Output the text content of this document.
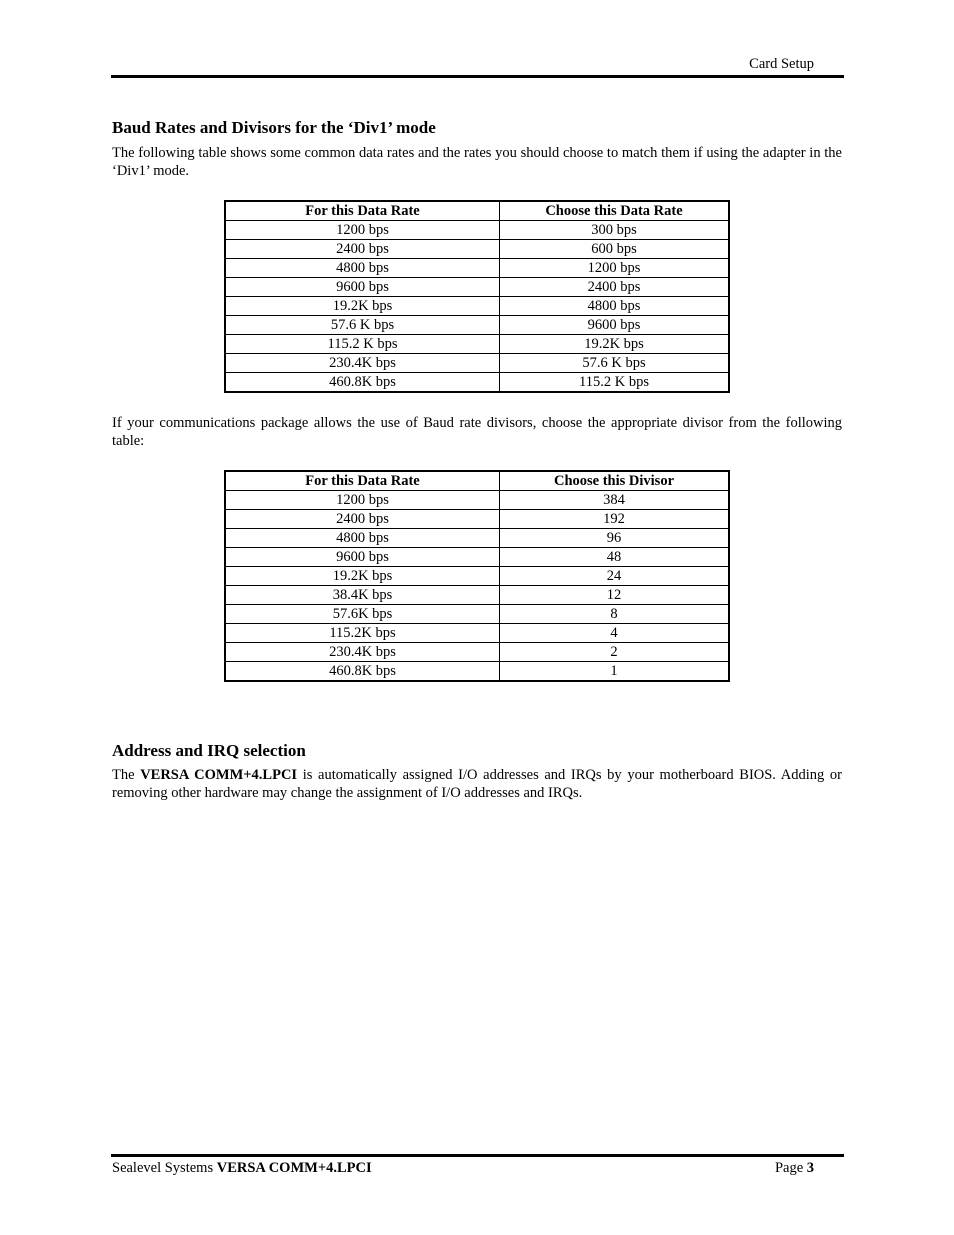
Card Setup
Baud Rates and Divisors for the ‘Div1’ mode

The following table shows some common data rates and the rates you should choose to match them if using the adapter in the ‘Div1’ mode.

For this Data Rate	Choose this Data Rate
1200 bps	300 bps
2400 bps	600 bps
4800 bps	1200 bps
9600 bps	2400 bps
19.2K bps	4800 bps
57.6 K bps	9600 bps
115.2 K bps	19.2K bps
230.4K bps	57.6 K bps
460.8K bps	115.2 K bps

If your communications package allows the use of Baud rate divisors, choose the appropriate divisor from the following table:

For this Data Rate	Choose this Divisor
1200 bps	384
2400 bps	192
4800 bps	96
9600 bps	48
19.2K bps	24
38.4K bps	12
57.6K bps	8
115.2K bps	4
230.4K bps	2
460.8K bps	1
Address and IRQ selection

The VERSA COMM+4.LPCI is automatically assigned I/O addresses and IRQs by your motherboard BIOS. Adding or removing other hardware may change the assignment of I/O addresses and IRQs.

Sealevel Systems VERSA COMM+4.LPCI	Page 3
